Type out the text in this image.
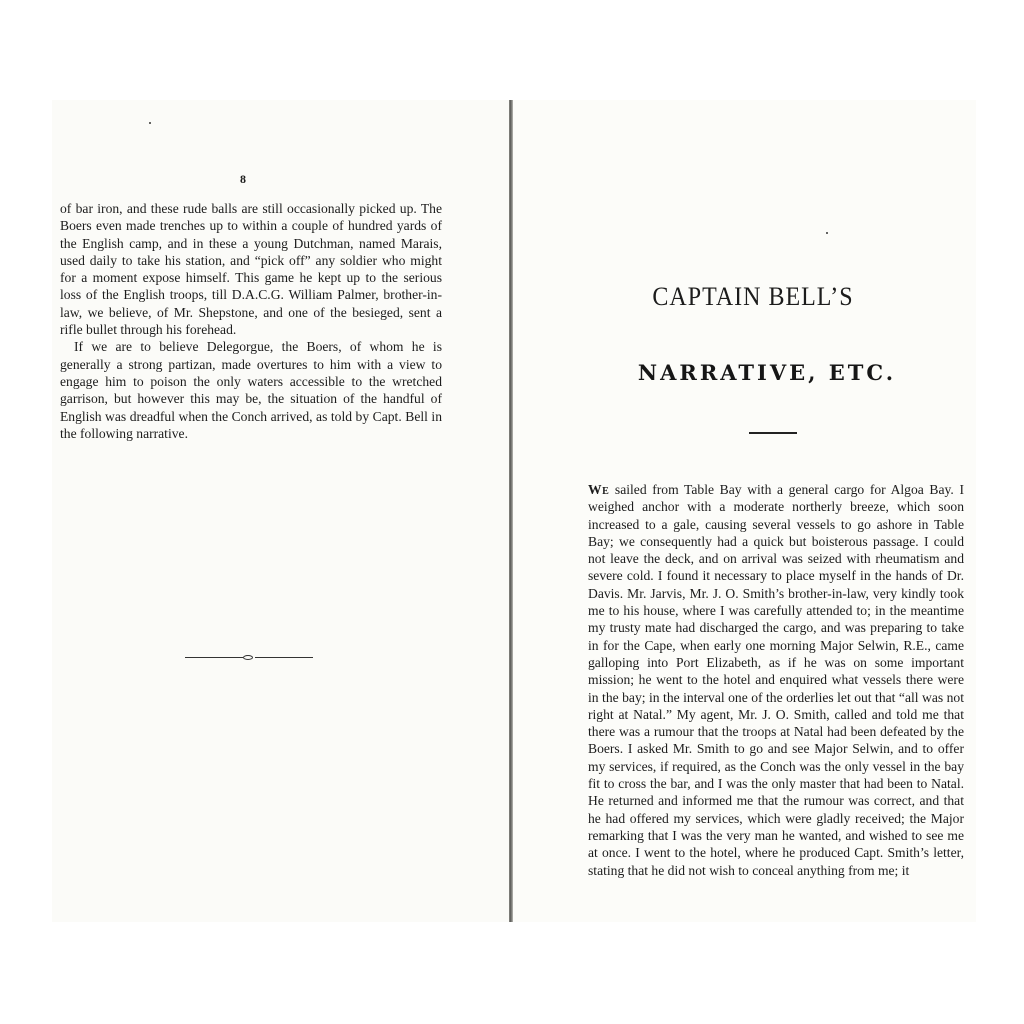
8

of bar iron, and these rude balls are still occasionally picked up. The Boers even made trenches up to within a couple of hundred yards of the English camp, and in these a young Dutchman, named Marais, used daily to take his station, and “pick off” any soldier who might for a moment expose himself. This game he kept up to the serious loss of the English troops, till D.A.C.G. William Palmer, brother-in-law, we believe, of Mr. Shepstone, and one of the besieged, sent a rifle bullet through his forehead.

If we are to believe Delegorgue, the Boers, of whom he is generally a strong partizan, made overtures to him with a view to engage him to poison the only waters accessible to the wretched garrison, but however this may be, the situation of the handful of English was dreadful when the Conch arrived, as told by Capt. Bell in the following narrative.

CAPTAIN BELL’S
NARRATIVE, ETC.

We sailed from Table Bay with a general cargo for Algoa Bay. I weighed anchor with a moderate northerly breeze, which soon increased to a gale, causing several vessels to go ashore in Table Bay; we consequently had a quick but boisterous passage. I could not leave the deck, and on arrival was seized with rheumatism and severe cold. I found it necessary to place myself in the hands of Dr. Davis. Mr. Jarvis, Mr. J. O. Smith’s brother-in-law, very kindly took me to his house, where I was carefully attended to; in the meantime my trusty mate had discharged the cargo, and was preparing to take in for the Cape, when early one morning Major Selwin, R.E., came galloping into Port Elizabeth, as if he was on some important mission; he went to the hotel and enquired what vessels there were in the bay; in the interval one of the orderlies let out that “all was not right at Natal.” My agent, Mr. J. O. Smith, called and told me that there was a rumour that the troops at Natal had been defeated by the Boers. I asked Mr. Smith to go and see Major Selwin, and to offer my services, if required, as the Conch was the only vessel in the bay fit to cross the bar, and I was the only master that had been to Natal. He returned and informed me that the rumour was correct, and that he had offered my services, which were gladly received; the Major remarking that I was the very man he wanted, and wished to see me at once. I went to the hotel, where he produced Capt. Smith’s letter, stating that he did not wish to conceal anything from me; it
